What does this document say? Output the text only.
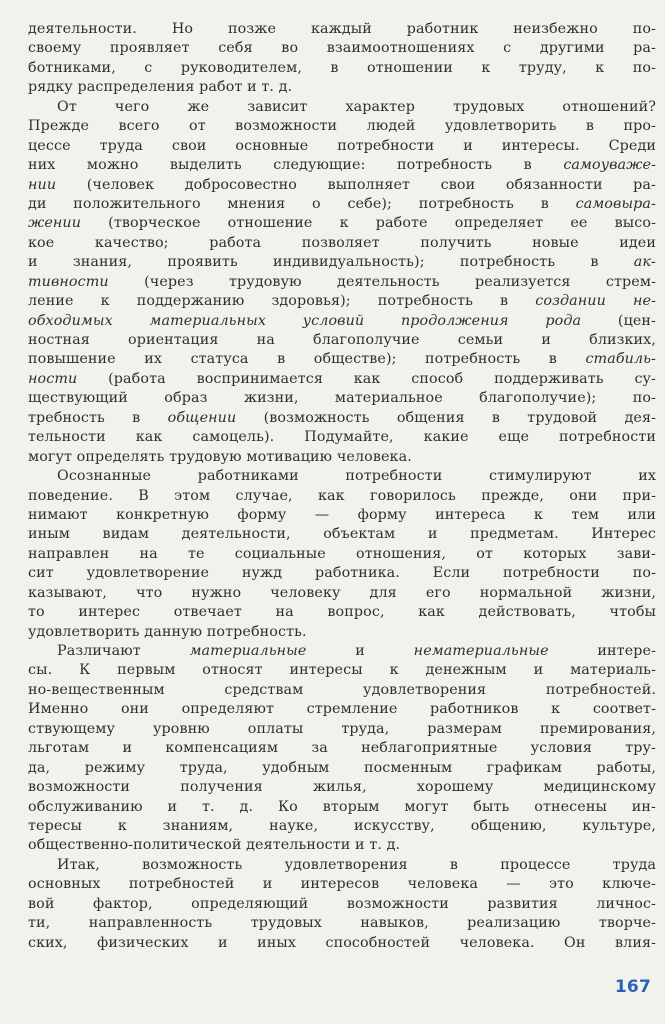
деятельности. Но позже каждый работник неизбежно по-
своему проявляет себя во взаимоотношениях с другими ра-
ботниками, с руководителем, в отношении к труду, к по-
рядку распределения работ и т. д.
От чего же зависит характер трудовых отношений?
Прежде всего от возможности людей удовлетворить в про-
цессе труда свои основные потребности и интересы. Среди
них можно выделить следующие: потребность в самоуваже-
нии (человек добросовестно выполняет свои обязанности ра-
ди положительного мнения о себе); потребность в самовыра-
жении (творческое отношение к работе определяет ее высо-
кое качество; работа позволяет получить новые идеи
и знания, проявить индивидуальность); потребность в ак-
тивности (через трудовую деятельность реализуется стрем-
ление к поддержанию здоровья); потребность в создании не-
обходимых материальных условий продолжения рода (цен-
ностная ориентация на благополучие семьи и близких,
повышение их статуса в обществе); потребность в стабиль-
ности (работа воспринимается как способ поддерживать су-
ществующий образ жизни, материальное благополучие); по-
требность в общении (возможность общения в трудовой дея-
тельности как самоцель). Подумайте, какие еще потребности
могут определять трудовую мотивацию человека.
Осознанные работниками потребности стимулируют их
поведение. В этом случае, как говорилось прежде, они при-
нимают конкретную форму — форму интереса к тем или
иным видам деятельности, объектам и предметам. Интерес
направлен на те социальные отношения, от которых зави-
сит удовлетворение нужд работника. Если потребности по-
казывают, что нужно человеку для его нормальной жизни,
то интерес отвечает на вопрос, как действовать, чтобы
удовлетворить данную потребность.
Различают материальные и нематериальные интере-
сы. К первым относят интересы к денежным и материаль-
но-вещественным средствам удовлетворения потребностей.
Именно они определяют стремление работников к соответ-
ствующему уровню оплаты труда, размерам премирования,
льготам и компенсациям за неблагоприятные условия тру-
да, режиму труда, удобным посменным графикам работы,
возможности получения жилья, хорошему медицинскому
обслуживанию и т. д. Ко вторым могут быть отнесены ин-
тересы к знаниям, науке, искусству, общению, культуре,
общественно-политической деятельности и т. д.
Итак, возможность удовлетворения в процессе труда
основных потребностей и интересов человека — это ключе-
вой фактор, определяющий возможности развития личнос-
ти, направленность трудовых навыков, реализацию творче-
ских, физических и иных способностей человека. Он влия-
167
